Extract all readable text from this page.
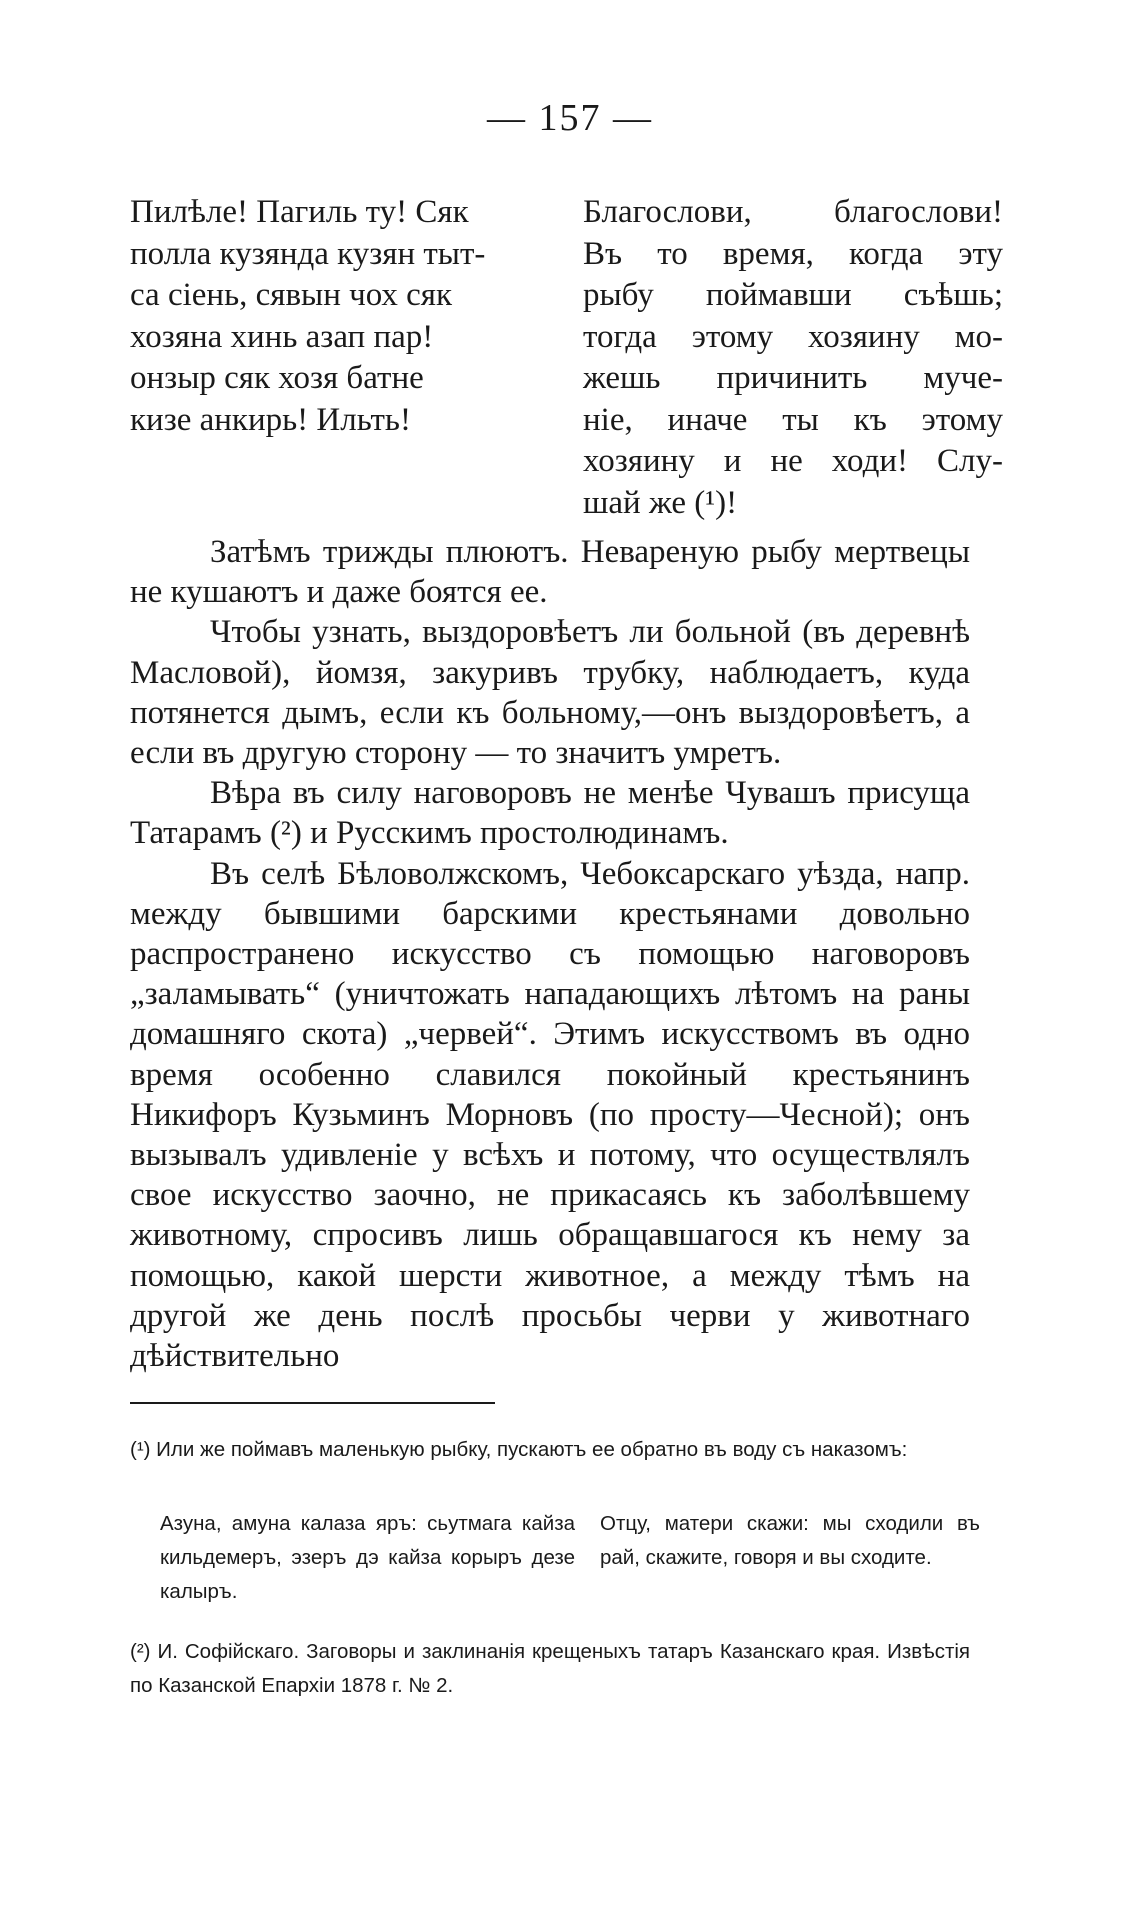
— 157 —
Пилѣле! Пагиль ту! Сяк
полла кузянда кузян тыт-
са сіень, сявын чох сяк
хозяна хинь азап пар!
онзыр сяк хозя батне
кизе анкирь! Ильть!
Благослови, благослови!
Въ то время, когда эту
рыбу поймавши съѣшь;
тогда этому хозяину мо-
жешь причинить мучe-
ніе, иначе ты къ этому
хозяину и не ходи! Слу-
шай же (¹)!

Затѣмъ трижды плюютъ. Невареную рыбу мертвецы не кушаютъ и даже боятся ее.

Чтобы узнать, выздоровѣетъ ли больной (въ деревнѣ Масловой), йомзя, закуривъ трубку, наблюдаетъ, куда потянется дымъ, если къ больному,—онъ выздоровѣетъ, а если въ другую сторону — то значитъ умретъ.

Вѣра въ силу наговоровъ не менѣе Чувашъ присуща Татарамъ (²) и Русскимъ простолюдинамъ.

Въ селѣ Бѣловолжскомъ, Чебоксарскаго уѣзда, напр. между бывшими барскими крестьянами довольно распространено искусство съ помощью наговоровъ „заламывать“ (уничтожать нападающихъ лѣтомъ на раны домашняго скота) „червей“. Этимъ искусствомъ въ одно время особенно славился покойный крестьянинъ Никифоръ Кузьминъ Морновъ (по просту—Чесной); онъ вызывалъ удивленіе у всѣхъ и потому, что осуществлялъ свое искусство заочно, не прикасаясь къ заболѣвшему животному, спросивъ лишь обращавшагося къ нему за помощью, какой шерсти животное, а между тѣмъ на другой же день послѣ просьбы черви у животнаго дѣйствительно

(¹) Или же поймавъ маленькую рыбку, пускаютъ ее обратно въ воду съ наказомъ:
Азуна, амуна калаза яръ: сьутмага кайза кильдемеръ, эзеръ дэ кайза корыръ дезе калыръ.
Отцу, матери скажи: мы сходили въ рай, скажите, говоря и вы сходите.
(²) И. Софійскаго. Заговоры и заклинанія крещеныхъ татаръ Казанскаго края. Извѣстія по Казанской Епархіи 1878 г. № 2.
